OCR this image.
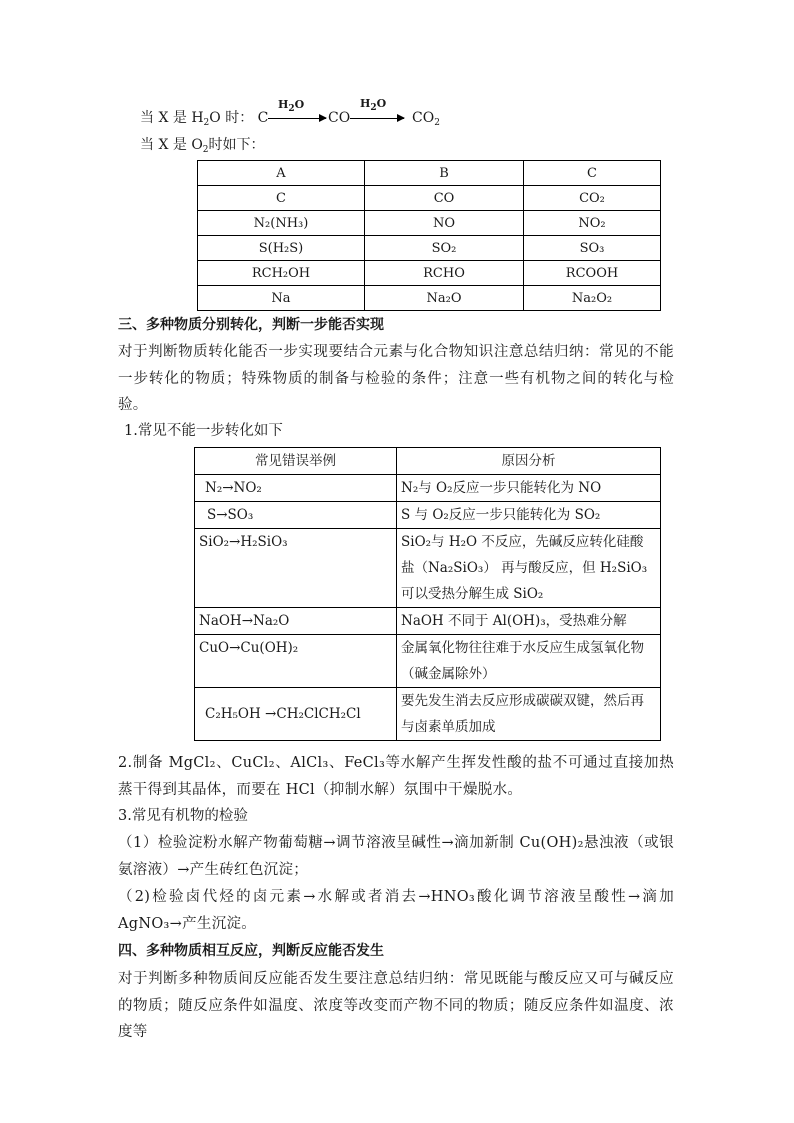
当 X 是 $H_2O$ 时： C
$H_2O$
→ CO
$H_2O$
→ $CO_2$
当 X 是 $O_2$时如下：
A	B	C
C	CO	CO₂
N₂(NH₃)	NO	NO₂
S(H₂S)	SO₂	SO₃
RCH₂OH	RCHO	RCOOH
Na	Na₂O	Na₂O₂
三、多种物质分别转化，判断一步能否实现
对于判断物质转化能否一步实现要结合元素与化合物知识注意总结归纳：常见的不能一步转化的物质；特殊物质的制备与检验的条件；注意一些有机物之间的转化与检验。
1.常见不能一步转化如下
常见错误举例	原因分析
N₂→NO₂	N₂与 O₂反应一步只能转化为 NO
S→SO₃	S 与 O₂反应一步只能转化为 SO₂
SiO₂→H₂SiO₃	SiO₂与 H₂O 不反应，先碱反应转化硅酸盐（Na₂SiO₃） 再与酸反应，但 H₂SiO₃可以受热分解生成 SiO₂
NaOH→Na₂O	NaOH 不同于 Al(OH)₃，受热难分解
CuO→Cu(OH)₂	金属氧化物往往难于水反应生成氢氧化物（碱金属除外）
C₂H₅OH →CH₂ClCH₂Cl	要先发生消去反应形成碳碳双键，然后再与卤素单质加成
2.制备 MgCl₂、CuCl₂、AlCl₃、FeCl₃等水解产生挥发性酸的盐不可通过直接加热蒸干得到其晶体，而要在 HCl（抑制水解）氛围中干燥脱水。
3.常见有机物的检验
（1）检验淀粉水解产物葡萄糖→调节溶液呈碱性→滴加新制 Cu(OH)₂悬浊液（或银氨溶液）→产生砖红色沉淀；
（2)检验卤代烃的卤元素→水解或者消去→HNO₃酸化调节溶液呈酸性→滴加 AgNO₃→产生沉淀。
四、多种物质相互反应，判断反应能否发生
对于判断多种物质间反应能否发生要注意总结归纳：常见既能与酸反应又可与碱反应的物质；随反应条件如温度、浓度等改变而产物不同的物质；随反应条件如温度、浓度等
